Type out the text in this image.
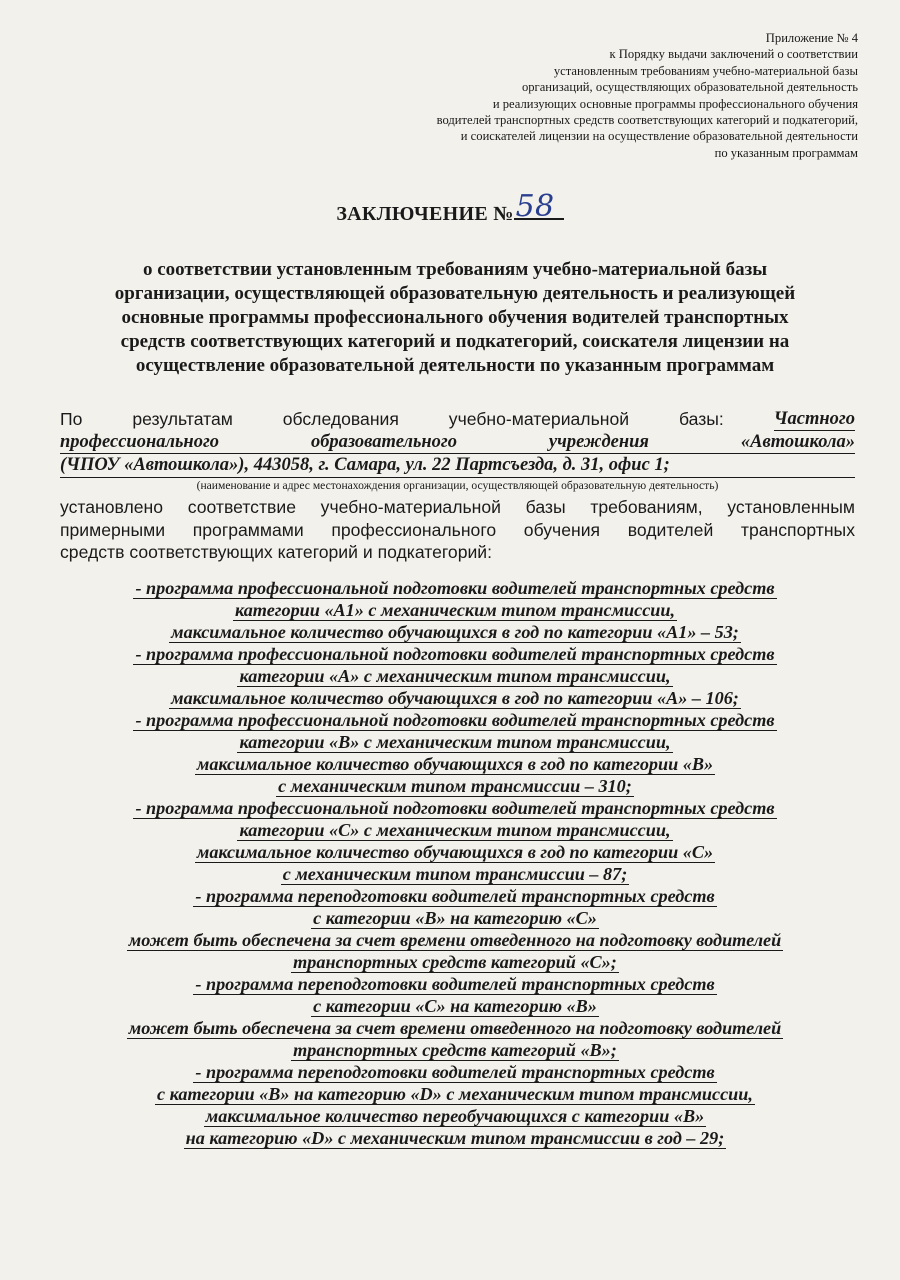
Приложение № 4
к Порядку выдачи заключений о соответствии
установленным требованиям учебно-материальной базы
организаций, осуществляющих образовательной деятельность
и реализующих основные программы профессионального обучения
водителей транспортных средств соответствующих категорий и подкатегорий,
и соискателей лицензии на осуществление образовательной деятельности
по указанным программам
ЗАКЛЮЧЕНИЕ №58
о соответствии установленным требованиям учебно-материальной базы
организации, осуществляющей образовательную деятельность и реализующей
основные программы профессионального обучения водителей транспортных
средств соответствующих категорий и подкатегорий, соискателя лицензии на
осуществление образовательной деятельности по указанным программам
По	результатам	обследования	учебно-материальной	базы:	Частного
профессионального	образовательного	учреждения	«Автошкола»
(ЧПОУ «Автошкола»), 443058, г. Самара, ул. 22 Партсъезда, д. 31, офис 1;
(наименование и адрес местонахождения организации, осуществляющей образовательную деятельность)
установлено соответствие учебно-материальной базы требованиям, установленным
примерными программами профессионального обучения водителей транспортных
средств соответствующих категорий и подкатегорий:
- программа профессиональной подготовки водителей транспортных средств
категории «А1» с механическим типом трансмиссии,
максимальное количество обучающихся в год по категории «А1» – 53;
- программа профессиональной подготовки водителей транспортных средств
категории «А» с механическим типом трансмиссии,
максимальное количество обучающихся в год по категории «А» – 106;
- программа профессиональной подготовки водителей транспортных средств
категории «В» с механическим типом трансмиссии,
максимальное количество обучающихся в год по категории «В»
с механическим типом трансмиссии – 310;
- программа профессиональной подготовки водителей транспортных средств
категории «С» с механическим типом трансмиссии,
максимальное количество обучающихся в год по категории «С»
с механическим типом трансмиссии – 87;
- программа переподготовки водителей транспортных средств
с категории «В» на категорию «С»
может быть обеспечена за счет времени отведенного на подготовку водителей
транспортных средств категорий «С»;
- программа переподготовки водителей транспортных средств
с категории «С» на категорию «В»
может быть обеспечена за счет времени отведенного на подготовку водителей
транспортных средств категорий «В»;
- программа переподготовки водителей транспортных средств
с категории «В» на категорию «D» с механическим типом трансмиссии,
максимальное количество переобучающихся с категории «В»
на категорию «D» с механическим типом трансмиссии в год – 29;
